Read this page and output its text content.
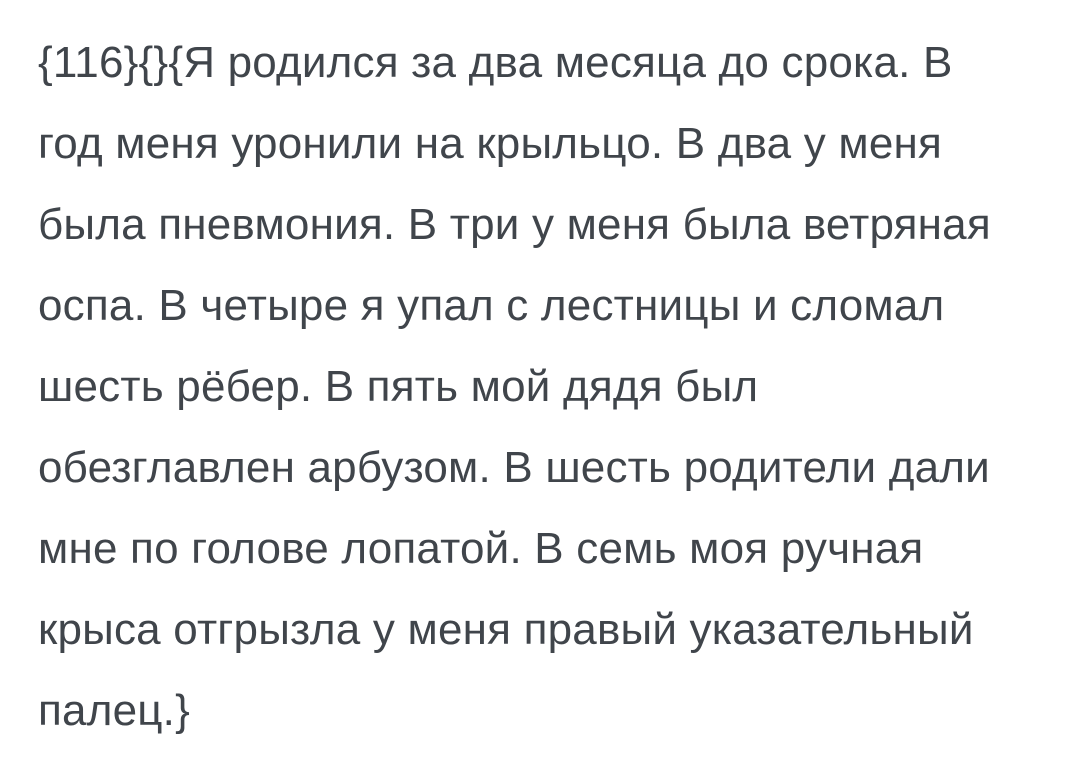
{116}{}{Я родился за два месяца до срока. В
год меня уронили на крыльцо. В два у меня
была пневмония. В три у меня была ветряная
оспа. В четыре я упал с лестницы и сломал
шесть рёбер. В пять мой дядя был
обезглавлен арбузом. В шесть родители дали
мне по голове лопатой. В семь моя ручная
крыса отгрызла у меня правый указательный
палец.}
